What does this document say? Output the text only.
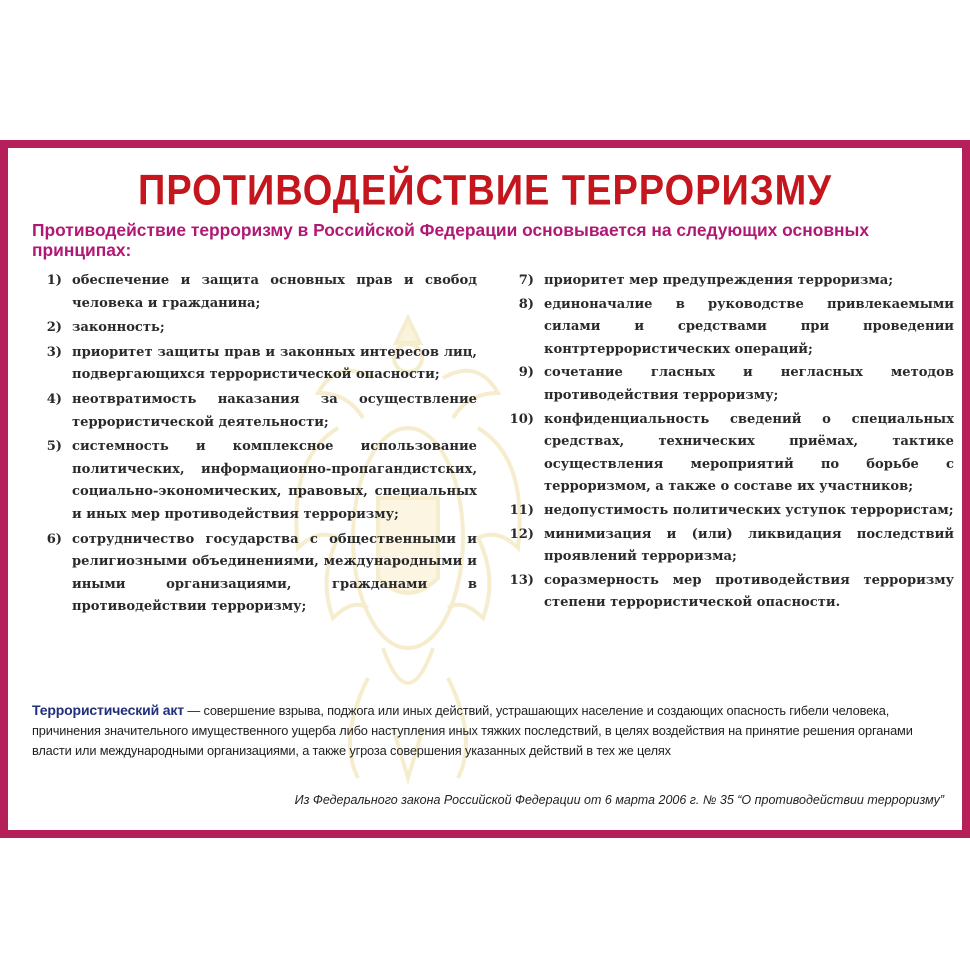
ПРОТИВОДЕЙСТВИЕ ТЕРРОРИЗМУ
Противодействие терроризму в Российской Федерации основывается на следующих основных принципах:
1) обеспечение и защита основных прав и свобод человека и гражданина;
2) законность;
3) приоритет защиты прав и законных интересов лиц, подвергающихся террористической опасности;
4) неотвратимость наказания за осуществление террористической деятельности;
5) системность и комплексное использование политических, информационно-пропагандистских, социально-экономических, правовых, специальных и иных мер противодействия терроризму;
6) сотрудничество государства с общественными и религиозными объединениями, международными и иными организациями, гражданами в противодействии терроризму;
7) приоритет мер предупреждения терроризма;
8) единоначалие в руководстве привлекаемыми силами и средствами при проведении контртеррористических операций;
9) сочетание гласных и негласных методов противодействия терроризму;
10) конфиденциальность сведений о специальных средствах, технических приёмах, тактике осуществления мероприятий по борьбе с терроризмом, а также о составе их участников;
11) недопустимость политических уступок террористам;
12) минимизация и (или) ликвидация последствий проявлений терроризма;
13) соразмерность мер противодействия терроризму степени террористической опасности.
Террористический акт — совершение взрыва, поджога или иных действий, устрашающих население и создающих опасность гибели человека, причинения значительного имущественного ущерба либо наступления иных тяжких последствий, в целях воздействия на принятие решения органами власти или международными организациями, а также угроза совершения указанных действий в тех же целях
Из Федерального закона Российской Федерации от 6 марта 2006 г. № 35 “О противодействии терроризму”
